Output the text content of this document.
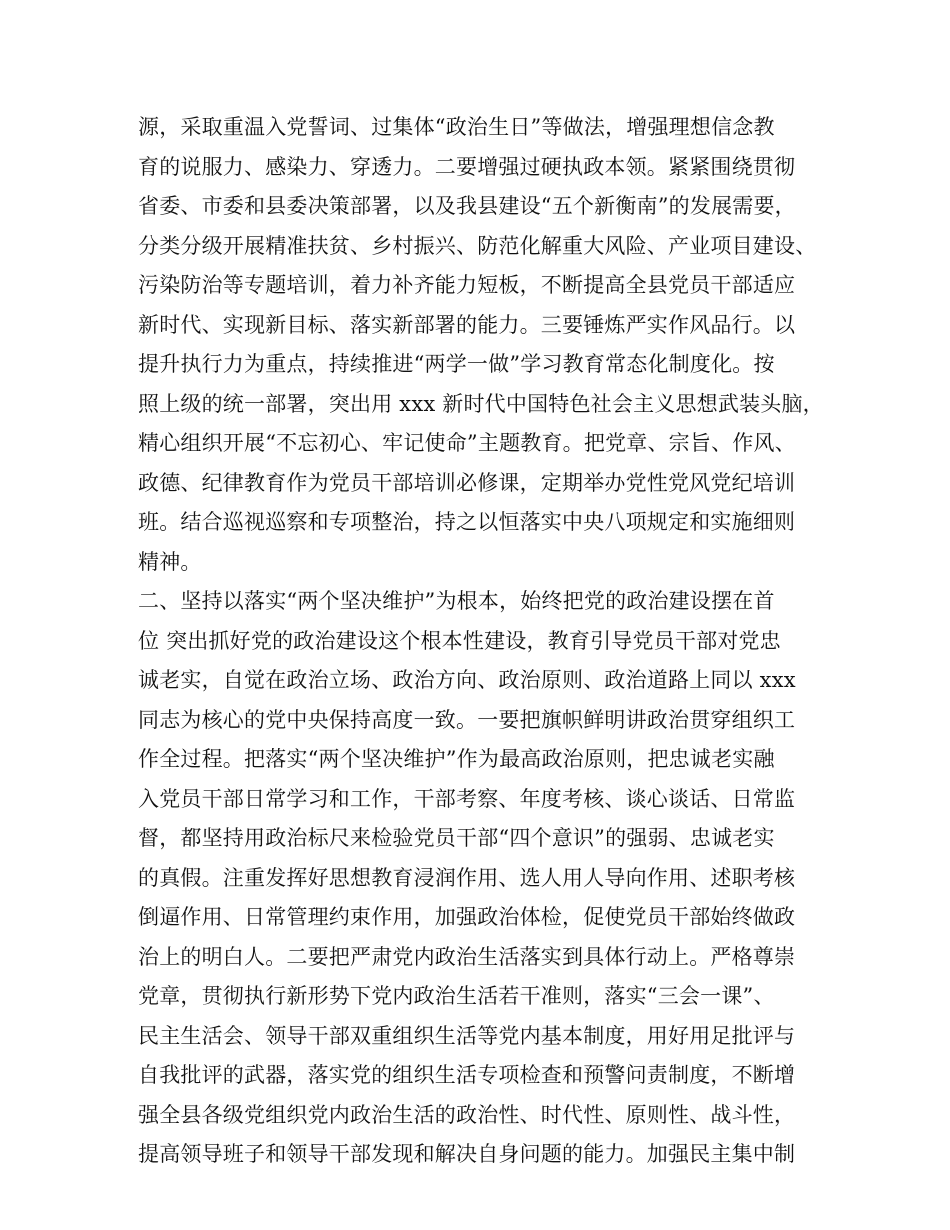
源，采取重温入党誓词、过集体“政治生日”等做法，增强理想信念教
育的说服力、感染力、穿透力。二要增强过硬执政本领。紧紧围绕贯彻
省委、市委和县委决策部署，以及我县建设“五个新衡南”的发展需要，
分类分级开展精准扶贫、乡村振兴、防范化解重大风险、产业项目建设、
污染防治等专题培训，着力补齐能力短板，不断提高全县党员干部适应
新时代、实现新目标、落实新部署的能力。三要锤炼严实作风品行。以
提升执行力为重点，持续推进“两学一做”学习教育常态化制度化。按
照上级的统一部署，突出用 xxx 新时代中国特色社会主义思想武装头脑，
精心组织开展“不忘初心、牢记使命”主题教育。把党章、宗旨、作风、
政德、纪律教育作为党员干部培训必修课，定期举办党性党风党纪培训
班。结合巡视巡察和专项整治，持之以恒落实中央八项规定和实施细则
精神。
二、坚持以落实“两个坚决维护”为根本，始终把党的政治建设摆在首
位 突出抓好党的政治建设这个根本性建设，教育引导党员干部对党忠
诚老实，自觉在政治立场、政治方向、政治原则、政治道路上同以 xxx
同志为核心的党中央保持高度一致。一要把旗帜鲜明讲政治贯穿组织工
作全过程。把落实“两个坚决维护”作为最高政治原则，把忠诚老实融
入党员干部日常学习和工作，干部考察、年度考核、谈心谈话、日常监
督，都坚持用政治标尺来检验党员干部“四个意识”的强弱、忠诚老实
的真假。注重发挥好思想教育浸润作用、选人用人导向作用、述职考核
倒逼作用、日常管理约束作用，加强政治体检，促使党员干部始终做政
治上的明白人。二要把严肃党内政治生活落实到具体行动上。严格尊崇
党章，贯彻执行新形势下党内政治生活若干准则，落实“三会一课”、
民主生活会、领导干部双重组织生活等党内基本制度，用好用足批评与
自我批评的武器，落实党的组织生活专项检查和预警问责制度，不断增
强全县各级党组织党内政治生活的政治性、时代性、原则性、战斗性，
提高领导班子和领导干部发现和解决自身问题的能力。加强民主集中制
